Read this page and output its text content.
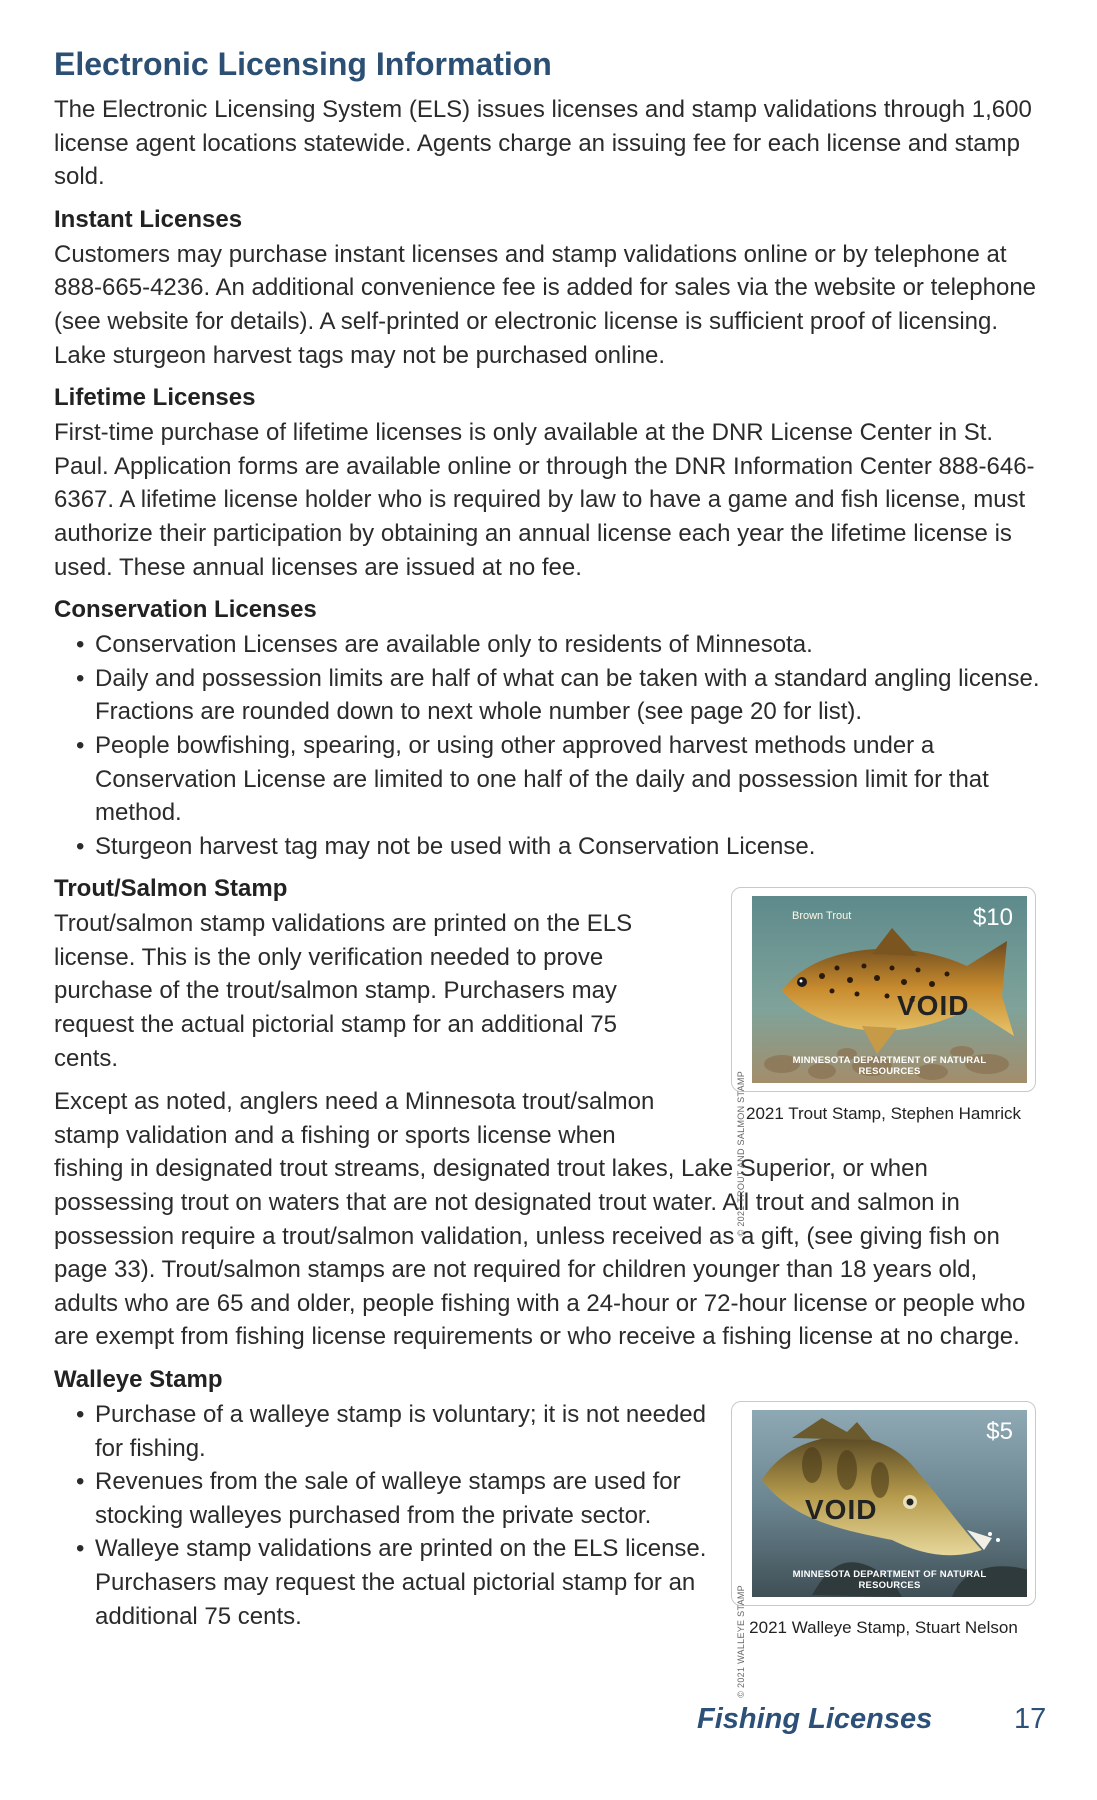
Electronic Licensing Information

The Electronic Licensing System (ELS) issues licenses and stamp validations through 1,600 license agent locations statewide. Agents charge an issuing fee for each license and stamp sold.

Instant Licenses

Customers may purchase instant licenses and stamp validations online or by telephone at 888-665-4236. An additional convenience fee is added for sales via the website or telephone (see website for details). A self-printed or electronic license is sufficient proof of licensing. Lake sturgeon harvest tags may not be purchased online.

Lifetime Licenses

First-time purchase of lifetime licenses is only available at the DNR License Center in St. Paul. Application forms are available online or through the DNR Information Center 888-646-6367. A lifetime license holder who is required by law to have a game and fish license, must authorize their participation by obtaining an annual license each year the lifetime license is used. These annual licenses are issued at no fee.

Conservation Licenses
• Conservation Licenses are available only to residents of Minnesota.
• Daily and possession limits are half of what can be taken with a standard angling license. Fractions are rounded down to next whole number (see page 20 for list).
• People bowfishing, spearing, or using other approved harvest methods under a Conservation License are limited to one half of the daily and possession limit for that method.
• Sturgeon harvest tag may not be used with a Conservation License.
Trout/Salmon Stamp

Trout/salmon stamp validations are printed on the ELS license. This is the only verification needed to prove purchase of the trout/salmon stamp. Purchasers may request the actual pictorial stamp for an additional 75 cents.

Except as noted, anglers need a Minnesota trout/salmon stamp validation and a fishing or sports license when

fishing in designated trout streams, designated trout lakes, Lake Superior, or when possessing trout on waters that are not designated trout water. All trout and salmon in possession require a trout/salmon validation, unless received as a gift, (see giving fish on page 33). Trout/salmon stamps are not required for children younger than 18 years old, adults who are 65 and older, people fishing with a 24-hour or 72-hour license or people who are exempt from fishing license requirements or who receive a fishing license at no charge.

Walleye Stamp
• Purchase of a walleye stamp is voluntary; it is not needed for fishing.
• Revenues from the sale of walleye stamps are used for stocking walleyes purchased from the private sector.
• Walleye stamp validations are printed on the ELS license. Purchasers may request the actual pictorial stamp for an additional 75 cents.
© 2021 TROUT AND SALMON STAMP
Brown Trout	$10
VOID
MINNESOTA DEPARTMENT OF NATURAL RESOURCES
2021 Trout Stamp, Stephen Hamrick
© 2021 WALLEYE STAMP
$5
VOID
MINNESOTA DEPARTMENT OF NATURAL RESOURCES
2021 Walleye Stamp, Stuart Nelson
Fishing Licenses	17
